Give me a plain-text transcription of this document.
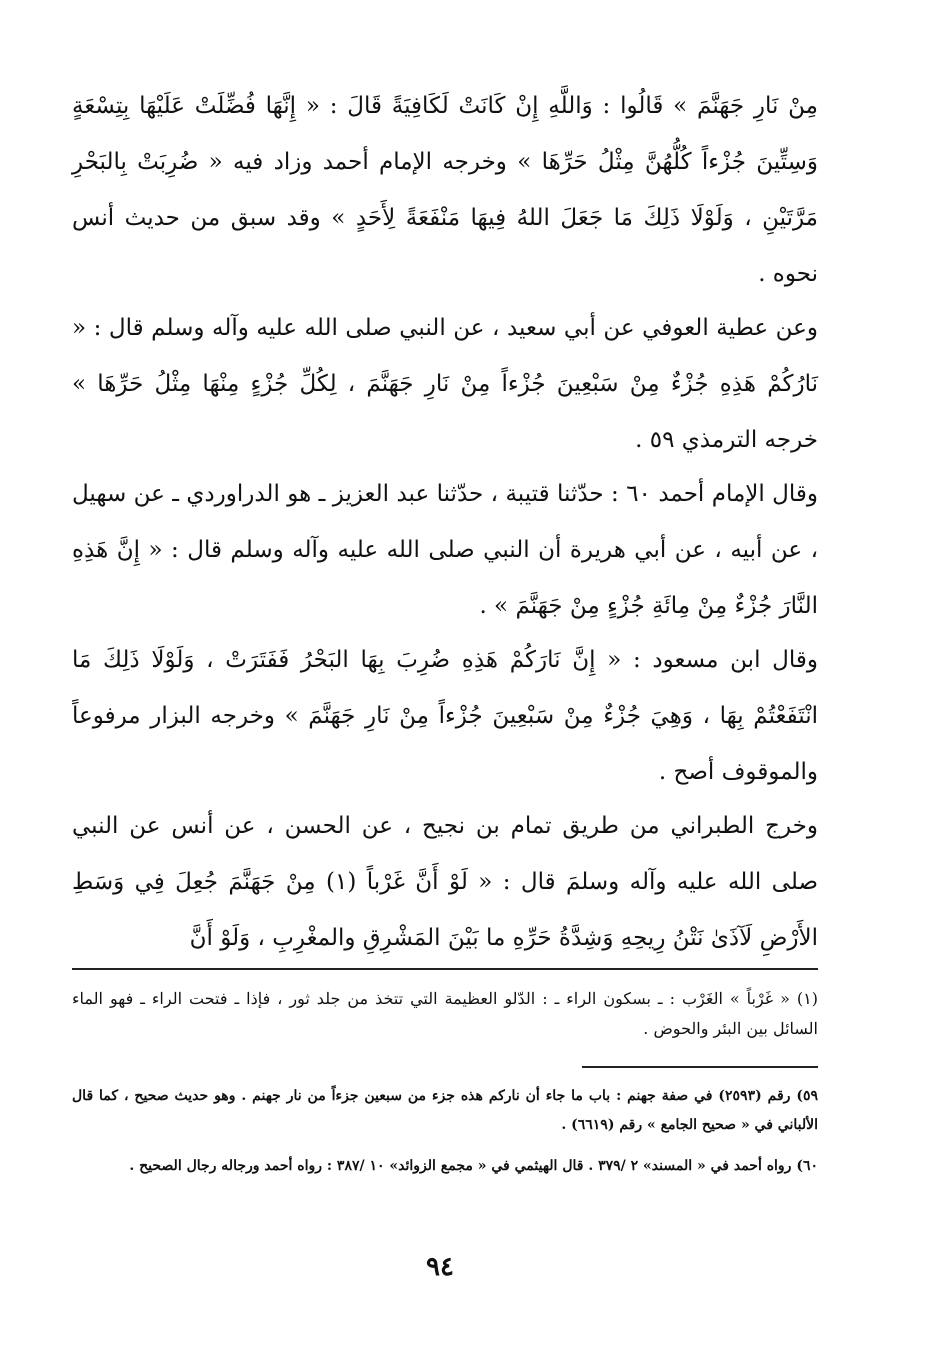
مِنْ نَارِ جَهَنَّمَ » قَالُوا : وَاللَّهِ إِنْ كَانَتْ لَكَافِيَةً قَالَ : « إِنَّهَا فُضِّلَتْ عَلَيْهَا بِتِسْعَةٍ وَسِتِّينَ جُزْءاً كُلُّهُنَّ مِثْلُ حَرِّهَا » وخرجه الإمام أحمد وزاد فيه « ضُرِبَتْ بِالبَحْرِ مَرَّتَيْنِ ، وَلَوْلَا ذَلِكَ مَا جَعَلَ اللهُ فِيهَا مَنْفَعَةً لِأَحَدٍ » وقد سبق من حديث أنس نحوه .

وعن عطية العوفي عن أبي سعيد ، عن النبي صلى الله عليه وآله وسلم قال : « نَارُكُمْ هَذِهِ جُزْءٌ مِنْ سَبْعِينَ جُزْءاً مِنْ نَارِ جَهَنَّمَ ، لِكُلِّ جُزْءٍ مِنْهَا مِثْلُ حَرِّهَا » خرجه الترمذي ٥٩ .

وقال الإمام أحمد ٦٠ : حدّثنا قتيبة ، حدّثنا عبد العزيز ـ هو الدراوردي ـ عن سهيل ، عن أبيه ، عن أبي هريرة أن النبي صلى الله عليه وآله وسلم قال : « إِنَّ هَذِهِ النَّارَ جُزْءٌ مِنْ مِائَةِ جُزْءٍ مِنْ جَهَنَّمَ » .

وقال ابن مسعود : « إِنَّ نَارَكُمْ هَذِهِ ضُرِبَ بِهَا البَحْرُ فَفَتَرَتْ ، وَلَوْلَا ذَلِكَ مَا انْتَفَعْتُمْ بِهَا ، وَهِيَ جُزْءٌ مِنْ سَبْعِينَ جُزْءاً مِنْ نَارِ جَهَنَّمَ » وخرجه البزار مرفوعاً والموقوف أصح .

وخرج الطبراني من طريق تمام بن نجيح ، عن الحسن ، عن أنس عن النبي صلى الله عليه وآله وسلمَ قال : « لَوْ أَنَّ غَرْباً (١) مِنْ جَهَنَّمَ جُعِلَ فِي وَسَطِ الأَرْضِ لَآذَىٰ نَتْنُ رِيحِهِ وَشِدَّةُ حَرِّهِ ما بَيْنَ المَشْرِقِ والمغْرِبِ ، وَلَوْ أَنَّ

(١) « غَرْباً » الغَرْب : ـ بسكون الراء ـ : الدّلو العظيمة التي تتخذ من جلد ثور ، فإذا ـ فتحت الراء ـ فهو الماء السائل بين البئر والحوض .

٥٩) رقم (٢٥٩٣) في صفة جهنم : باب ما جاء أن ناركم هذه جزء من سبعين جزءاً من نار جهنم . وهو حديث صحيح ، كما قال الألباني في « صحيح الجامع » رقم (٦٦١٩) .

٦٠) رواه أحمد في « المسند» ٢ /٣٧٩ . قال الهيثمي في « مجمع الزوائد» ١٠ /٣٨٧ : رواه أحمد ورجاله رجال الصحيح .

٩٤
